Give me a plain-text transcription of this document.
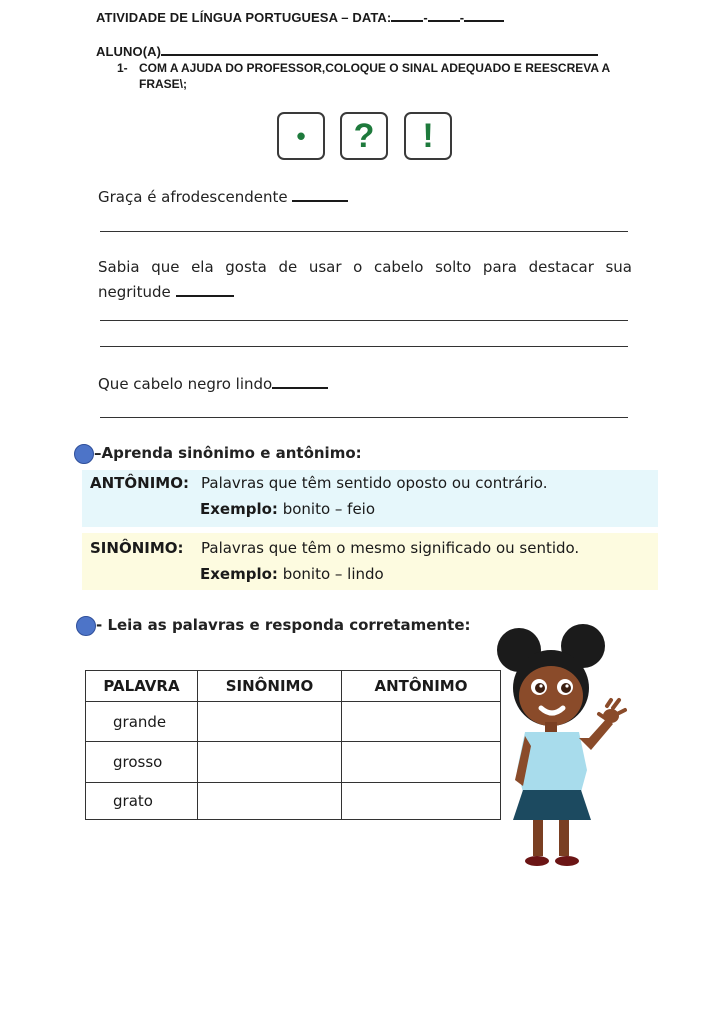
ATIVIDADE DE LÍNGUA PORTUGUESA – DATA: - -
ALUNO(A)
1- COM A AJUDA DO PROFESSOR,COLOQUE O SINAL ADEQUADO E REESCREVA A
FRASE\;
• ? !
Graça é afrodescendente
Sabia que ela gosta de usar o cabelo solto para destacar sua
negritude
Que cabelo negro lindo
–Aprenda sinônimo e antônimo:
ANTÔNIMO: Palavras que têm sentido oposto ou contrário.
Exemplo: bonito – feio
SINÔNIMO: Palavras que têm o mesmo significado ou sentido.
Exemplo: bonito – lindo
- Leia as palavras e responda corretamente:
PALAVRA	SINÔNIMO	ANTÔNIMO
grande		
grosso		
grato		
